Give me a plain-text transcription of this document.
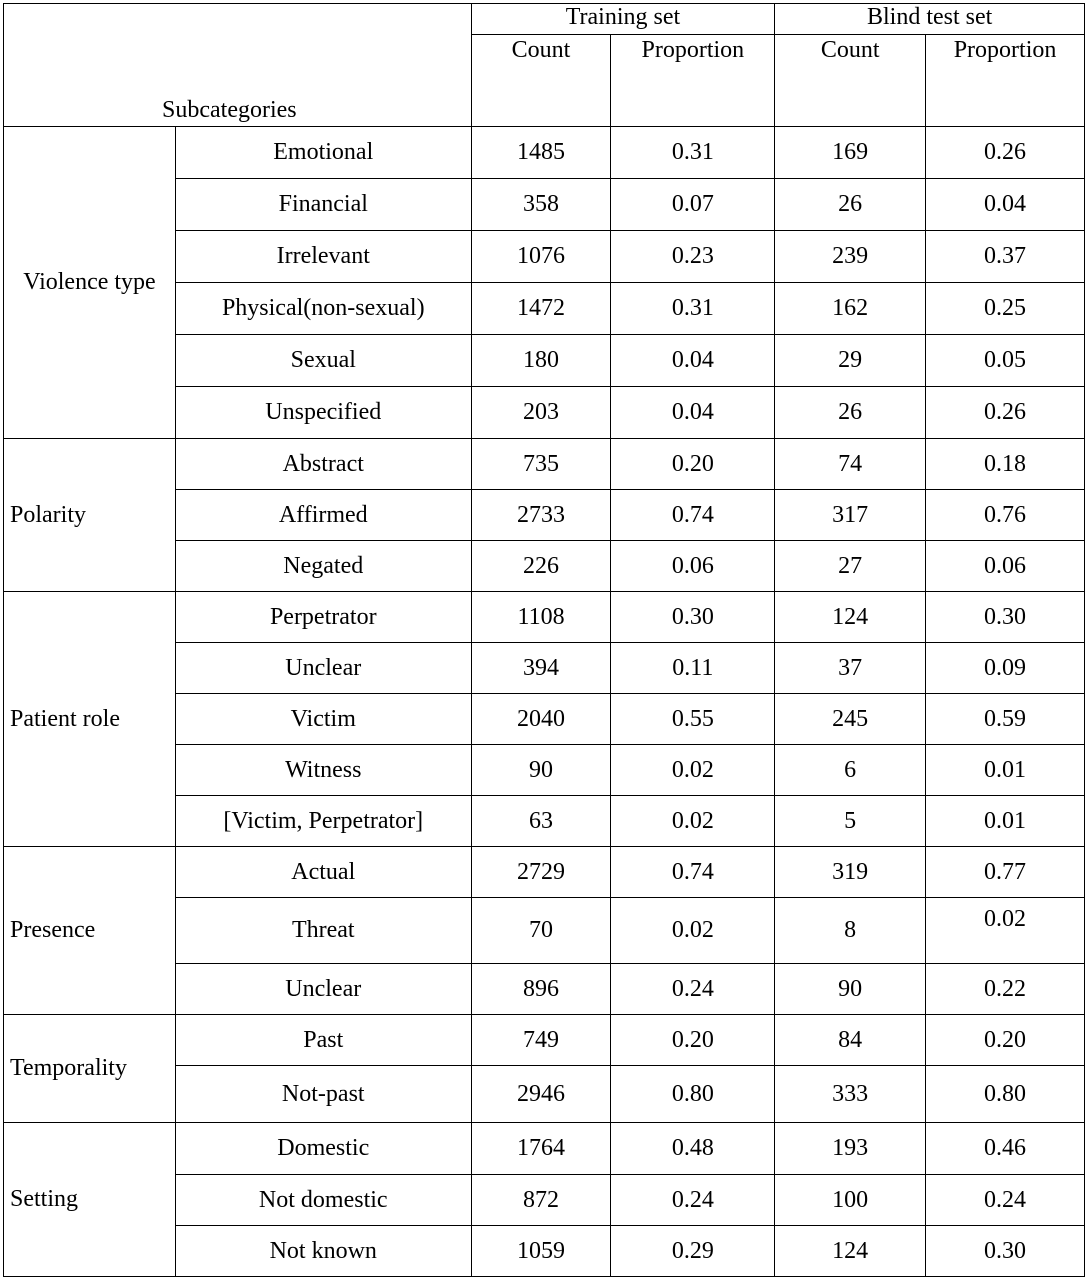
Subcategories		Training set		Blind test set	
		Count	Proportion	Count	Proportion
Violence type	Emotional	1485	0.31	169	0.26
	Financial	358	0.07	26	0.04
	Irrelevant	1076	0.23	239	0.37
	Physical(non-sexual)	1472	0.31	162	0.25
	Sexual	180	0.04	29	0.05
	Unspecified	203	0.04	26	0.26
Polarity	Abstract	735	0.20	74	0.18
	Affirmed	2733	0.74	317	0.76
	Negated	226	0.06	27	0.06
Patient role	Perpetrator	1108	0.30	124	0.30
	Unclear	394	0.11	37	0.09
	Victim	2040	0.55	245	0.59
	Witness	90	0.02	6	0.01
	[Victim, Perpetrator]	63	0.02	5	0.01
Presence	Actual	2729	0.74	319	0.77
	Threat	70	0.02	8	0.02
	Unclear	896	0.24	90	0.22
Temporality	Past	749	0.20	84	0.20
	Not-past	2946	0.80	333	0.80
Setting	Domestic	1764	0.48	193	0.46
	Not domestic	872	0.24	100	0.24
	Not known	1059	0.29	124	0.30
